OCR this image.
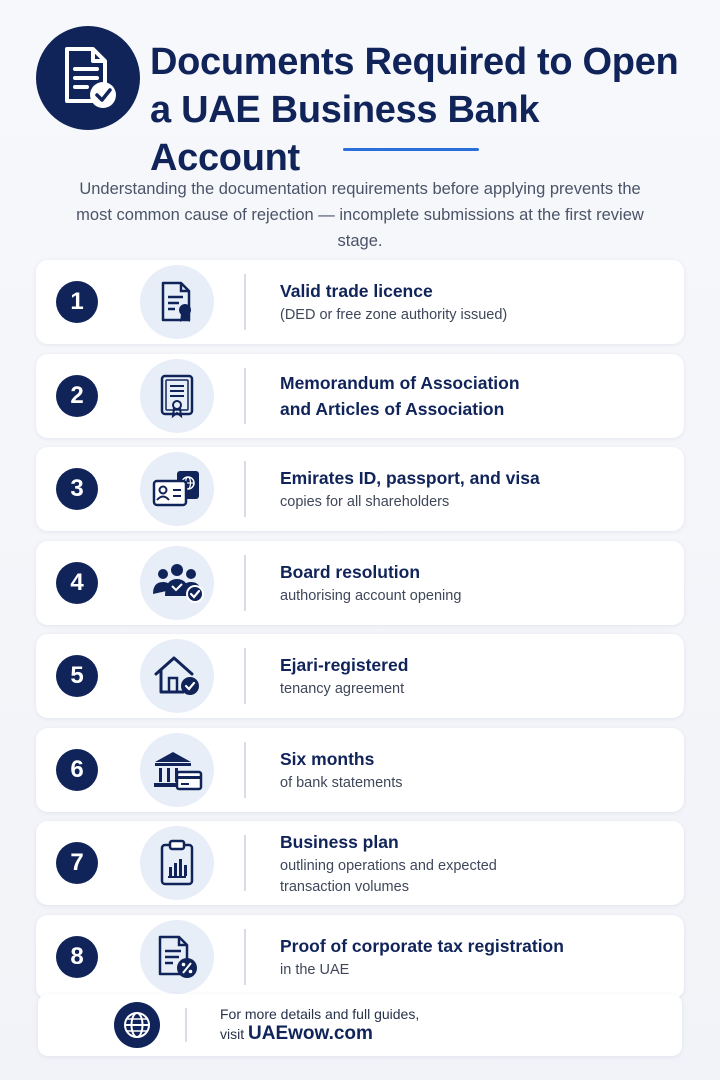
Documents Required to Open a UAE Business Bank Account
Understanding the documentation requirements before applying prevents the most common cause of rejection — incomplete submissions at the first review stage.
1	Valid trade licence
(DED or free zone authority issued)
2	Memorandum of Association and Articles of Association
3	Emirates ID, passport, and visa
copies for all shareholders
4	Board resolution
authorising account opening
5	Ejari-registered
tenancy agreement
6	Six months
of bank statements
7
Business plan
outlining operations and expected transaction volumes
8	Proof of corporate tax registration
in the UAE
For more details and full guides,
visit UAEwow.com
